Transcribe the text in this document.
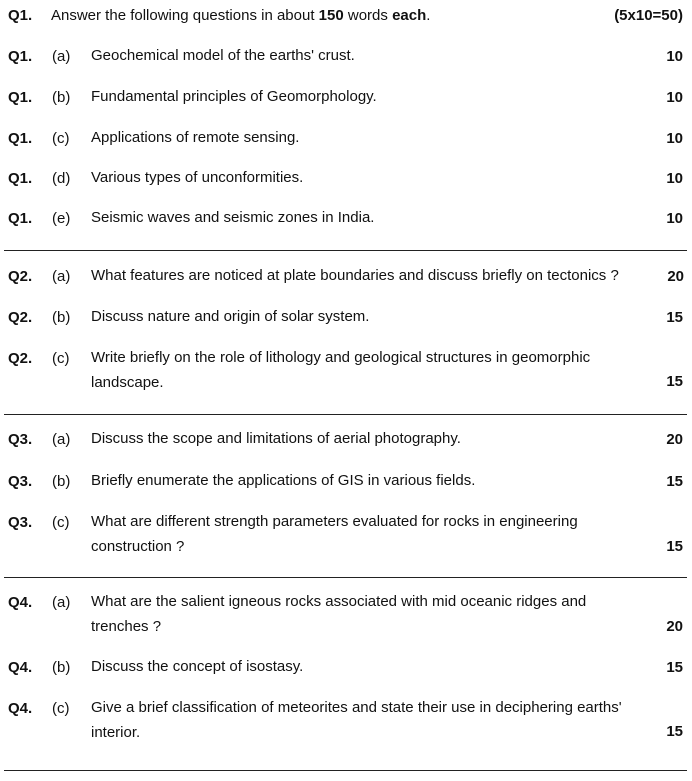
Q1. Answer the following questions in about 150 words each.	(5x10=50)
Q1. (a) Geochemical model of the earths' crust.	10
Q1. (b) Fundamental principles of Geomorphology.	10
Q1. (c) Applications of remote sensing.	10
Q1. (d) Various types of unconformities.	10
Q1. (e) Seismic waves and seismic zones in India.	10
Q2. (a) What features are noticed at plate boundaries and discuss briefly on tectonics ?	20
Q2. (b) Discuss nature and origin of solar system.	15
Q2. (c) Write briefly on the role of lithology and geological structures in geomorphic
landscape.	15
Q3. (a) Discuss the scope and limitations of aerial photography.	20
Q3. (b) Briefly enumerate the applications of GIS in various fields.	15
Q3. (c) What are different strength parameters evaluated for rocks in engineering
construction ?	15
Q4. (a) What are the salient igneous rocks associated with mid oceanic ridges and
trenches ?	20
Q4. (b) Discuss the concept of isostasy.	15
Q4. (c) Give a brief classification of meteorites and state their use in deciphering earths'
interior.	15
